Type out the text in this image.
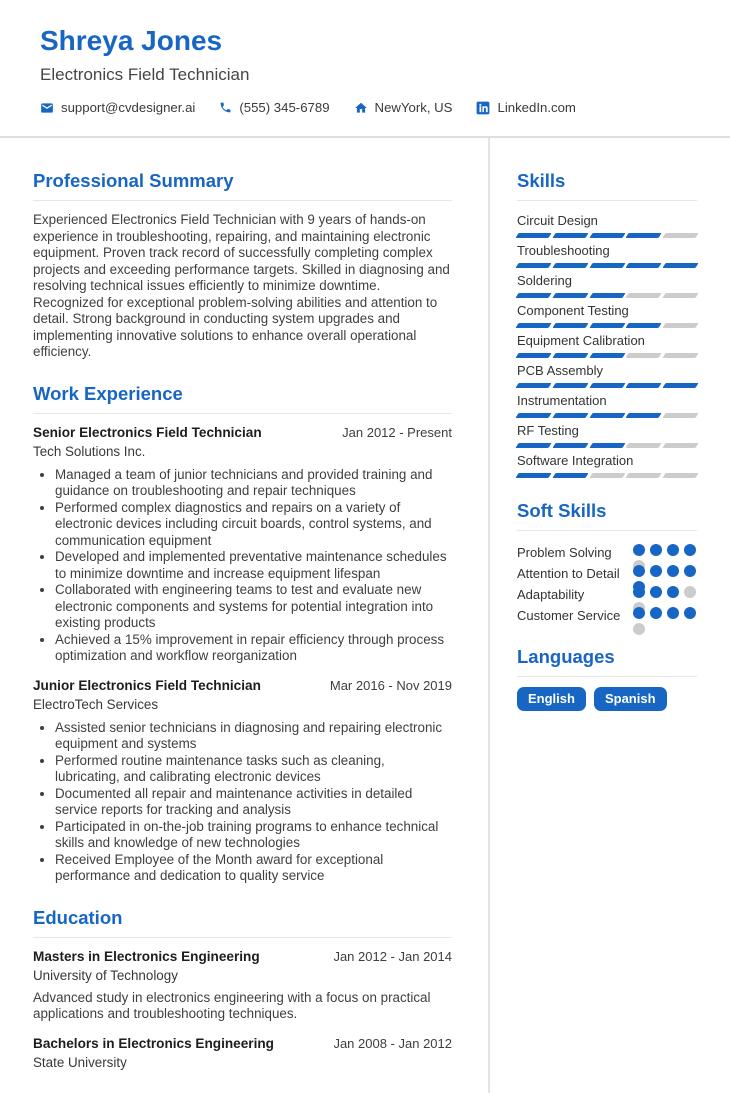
Shreya Jones
Electronics Field Technician
support@cvdesigner.ai	(555) 345-6789	NewYork, US	LinkedIn.com
Professional Summary

Experienced Electronics Field Technician with 9 years of hands-on experience in troubleshooting, repairing, and maintaining electronic equipment. Proven track record of successfully completing complex projects and exceeding performance targets. Skilled in diagnosing and resolving technical issues efficiently to minimize downtime. Recognized for exceptional problem-solving abilities and attention to detail. Strong background in conducting system upgrades and implementing innovative solutions to enhance overall operational efficiency.

Work Experience
Senior Electronics Field Technician	Jan 2012 - Present
Tech Solutions Inc.
• Managed a team of junior technicians and provided training and guidance on troubleshooting and repair techniques
• Performed complex diagnostics and repairs on a variety of electronic devices including circuit boards, control systems, and communication equipment
• Developed and implemented preventative maintenance schedules to minimize downtime and increase equipment lifespan
• Collaborated with engineering teams to test and evaluate new electronic components and systems for potential integration into existing products
• Achieved a 15% improvement in repair efficiency through process optimization and workflow reorganization
Junior Electronics Field Technician	Mar 2016 - Nov 2019
ElectroTech Services
• Assisted senior technicians in diagnosing and repairing electronic equipment and systems
• Performed routine maintenance tasks such as cleaning, lubricating, and calibrating electronic devices
• Documented all repair and maintenance activities in detailed service reports for tracking and analysis
• Participated in on-the-job training programs to enhance technical skills and knowledge of new technologies
• Received Employee of the Month award for exceptional performance and dedication to quality service
Education
Masters in Electronics Engineering	Jan 2012 - Jan 2014
University of Technology

Advanced study in electronics engineering with a focus on practical applications and troubleshooting techniques.

Bachelors in Electronics Engineering	Jan 2008 - Jan 2012
State University
Skills
Circuit Design
Troubleshooting
Soldering
Component Testing
Equipment Calibration
PCB Assembly
Instrumentation
RF Testing
Software Integration
Soft Skills
Problem Solving
Attention to Detail
Adaptability
Customer Service
Languages
English	Spanish
